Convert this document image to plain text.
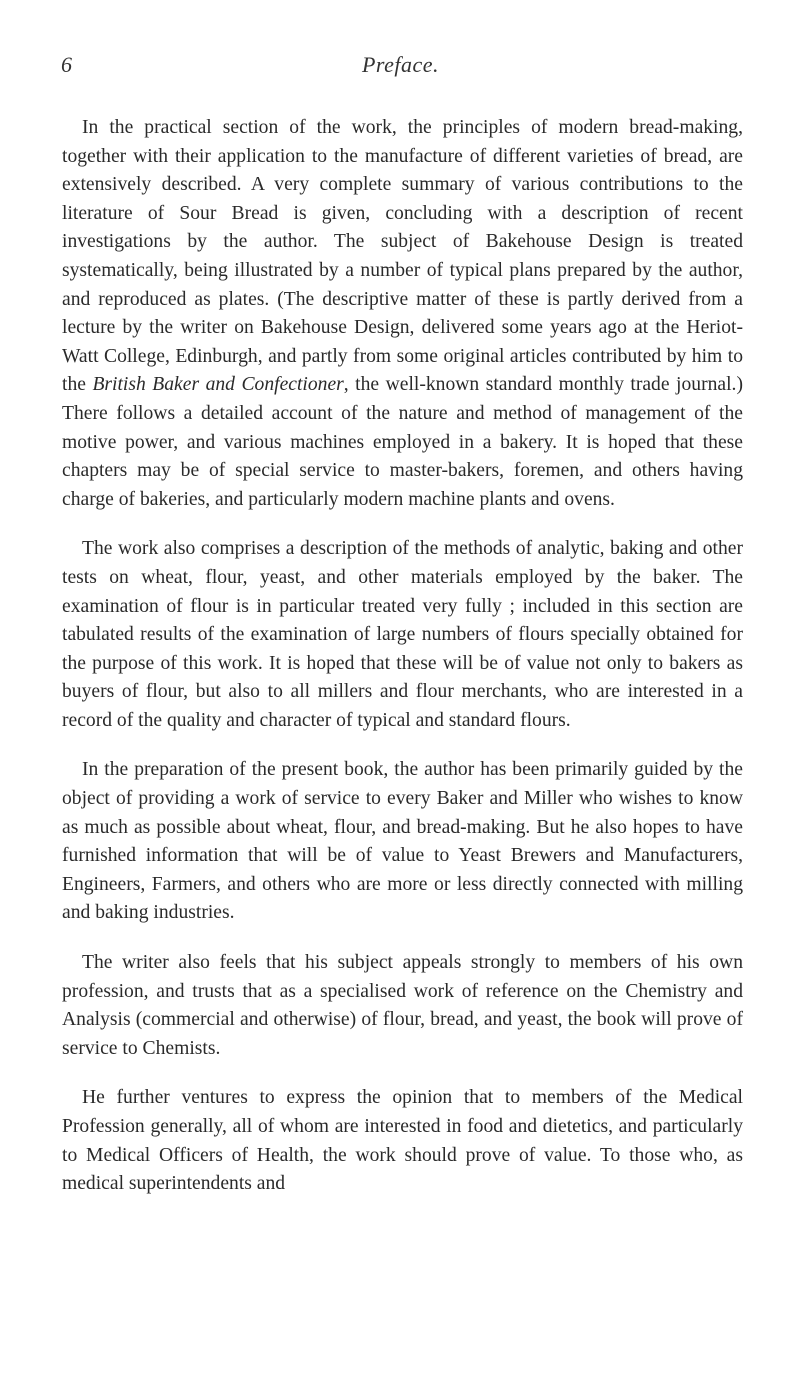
6	Preface.

In the practical section of the work, the principles of modern bread-making, together with their application to the manufacture of different varieties of bread, are extensively described. A very complete summary of various contributions to the literature of Sour Bread is given, concluding with a description of recent investigations by the author. The subject of Bakehouse Design is treated systematically, being illustrated by a number of typical plans prepared by the author, and reproduced as plates. (The descriptive matter of these is partly derived from a lecture by the writer on Bakehouse Design, delivered some years ago at the Heriot-Watt College, Edinburgh, and partly from some original articles contributed by him to the British Baker and Confectioner, the well-known standard monthly trade journal.) There follows a detailed account of the nature and method of management of the motive power, and various machines employed in a bakery. It is hoped that these chapters may be of special service to master-bakers, foremen, and others having charge of bakeries, and particularly modern machine plants and ovens.

The work also comprises a description of the methods of analytic, baking and other tests on wheat, flour, yeast, and other materials employed by the baker. The examination of flour is in particular treated very fully ; included in this section are tabulated results of the examination of large numbers of flours specially obtained for the purpose of this work. It is hoped that these will be of value not only to bakers as buyers of flour, but also to all millers and flour merchants, who are interested in a record of the quality and character of typical and standard flours.

In the preparation of the present book, the author has been primarily guided by the object of providing a work of service to every Baker and Miller who wishes to know as much as possible about wheat, flour, and bread-making. But he also hopes to have furnished information that will be of value to Yeast Brewers and Manufacturers, Engineers, Farmers, and others who are more or less directly connected with milling and baking industries.

The writer also feels that his subject appeals strongly to members of his own profession, and trusts that as a specialised work of reference on the Chemistry and Analysis (commercial and otherwise) of flour, bread, and yeast, the book will prove of service to Chemists.

He further ventures to express the opinion that to members of the Medical Profession generally, all of whom are interested in food and dietetics, and particularly to Medical Officers of Health, the work should prove of value. To those who, as medical superintendents and
